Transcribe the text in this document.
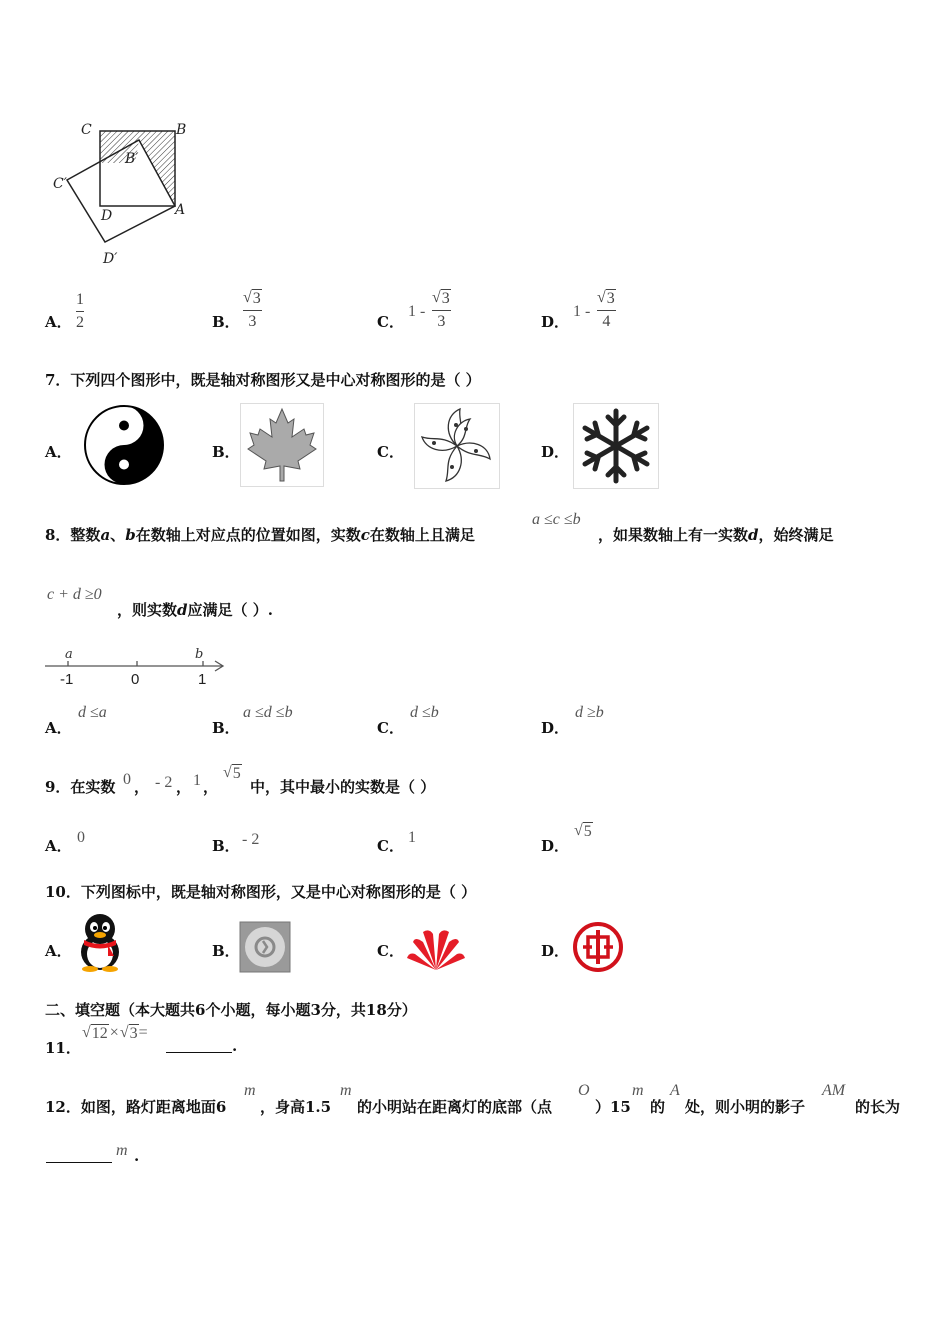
C	B
B′
C′
D	A
D′
A．
1
2	B．
√ 3
3	C．
1 -
√ 3
3	D．
1 -
√ 3
4
7．下列四个图形中，既是轴对称图形又是中心对称图形的是（ ）
A．	B．	C．	D．
8．整数a、b在数轴上对应点的位置如图，实数c在数轴上且满足
a ≤c ≤b
，如果数轴上有一实数d，始终满足
c + d ≥0
，则实数d应满足（ ）.
a	b
-1	0	1
A．
d ≤a
B．
a ≤d ≤b
C．
d ≤b
D．
d ≥b
9．在实数 0 ， - 2 ， 1 ，
√ 5
中，其中最小的实数是（ ）
A． 0	B． - 2	C． 1	D．
√ 5
10．下列图标中，既是轴对称图形，又是中心对称图形的是（ ）
A．	B．	C．	D．
二、填空题（本大题共6个小题，每小题3分，共18分）
11．
√ 12 × √ 3 =
.
12．如图，路灯距离地面6
m
，身高1.5
m
的小明站在距离灯的底部（点
O
）15
m
的
A
处，则小明的影子
AM
的长为
m .
